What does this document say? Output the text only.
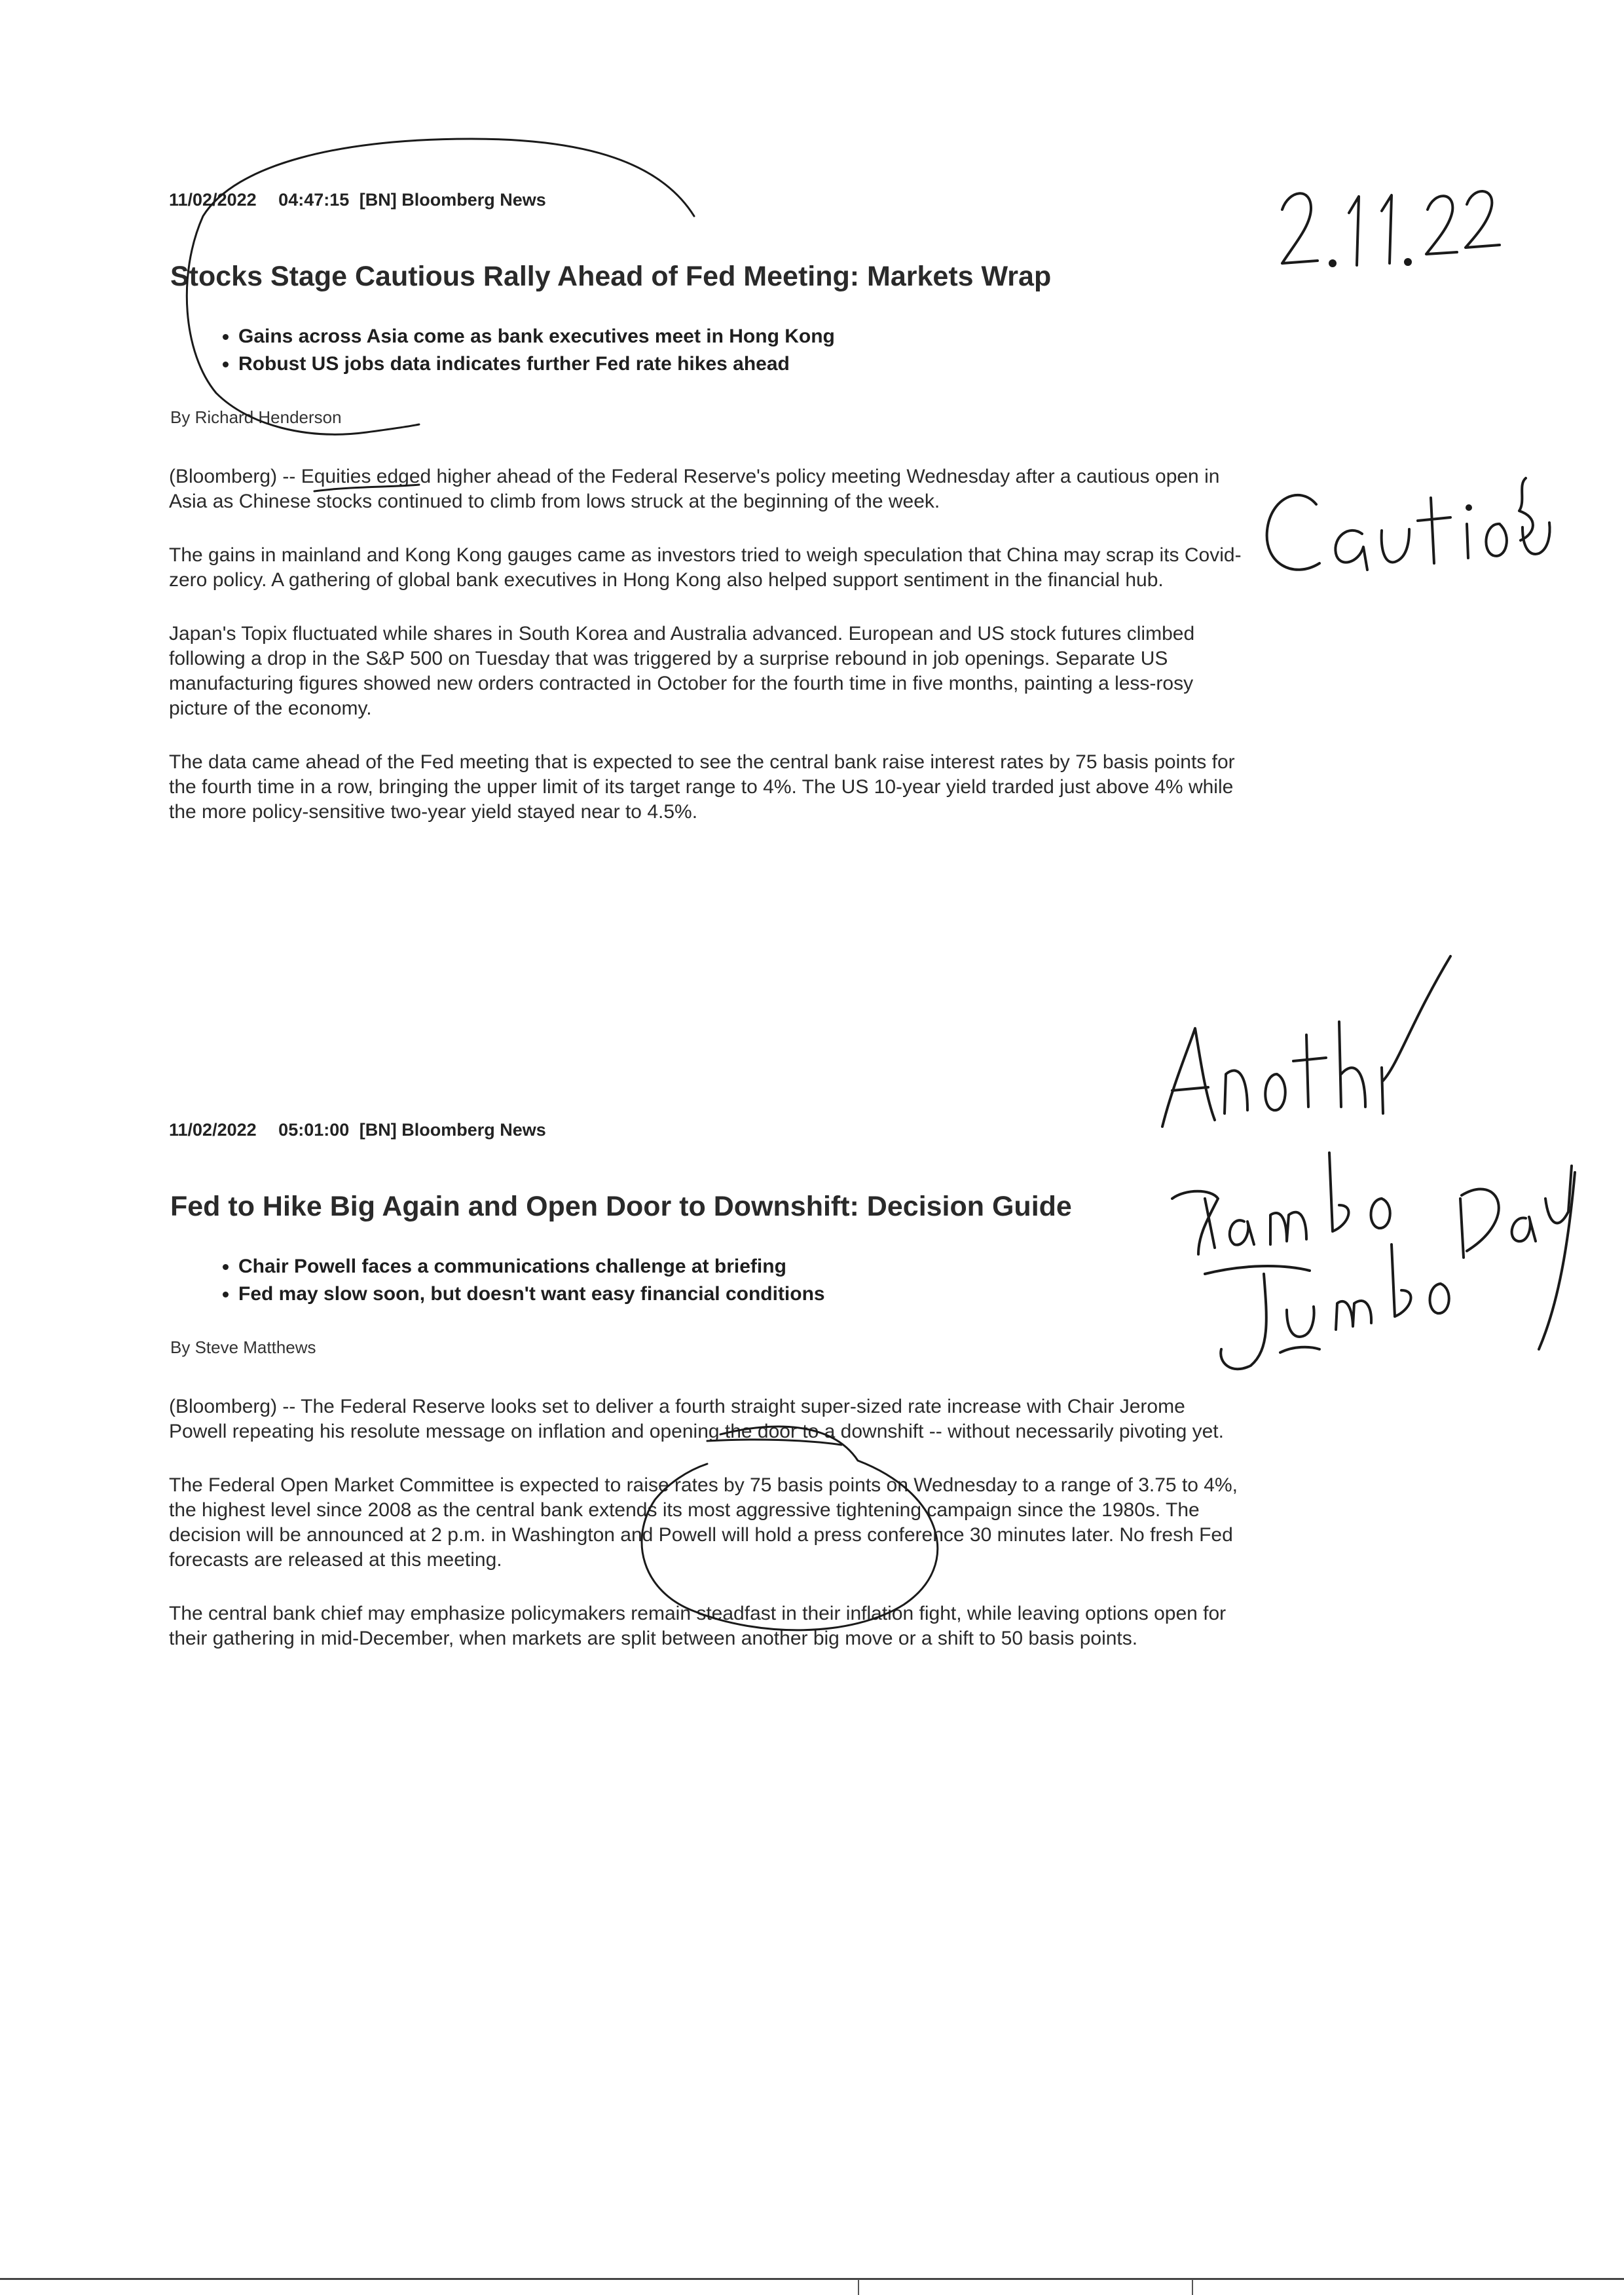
11/02/2022 04:47:15 [BN] Bloomberg News
Stocks Stage Cautious Rally Ahead of Fed Meeting: Markets Wrap
• Gains across Asia come as bank executives meet in Hong Kong
• Robust US jobs data indicates further Fed rate hikes ahead
By Richard Henderson

(Bloomberg) -- Equities edged higher ahead of the Federal Reserve's policy meeting Wednesday after a cautious open in Asia as Chinese stocks continued to climb from lows struck at the beginning of the week.

The gains in mainland and Kong Kong gauges came as investors tried to weigh speculation that China may scrap its Covid-zero policy. A gathering of global bank executives in Hong Kong also helped support sentiment in the financial hub.

Japan's Topix fluctuated while shares in South Korea and Australia advanced. European and US stock futures climbed following a drop in the S&P 500 on Tuesday that was triggered by a surprise rebound in job openings. Separate US manufacturing figures showed new orders contracted in October for the fourth time in five months, painting a less-rosy picture of the economy.

The data came ahead of the Fed meeting that is expected to see the central bank raise interest rates by 75 basis points for the fourth time in a row, bringing the upper limit of its target range to 4%. The US 10-year yield trarded just above 4% while the more policy-sensitive two-year yield stayed near to 4.5%.

11/02/2022 05:01:00 [BN] Bloomberg News
Fed to Hike Big Again and Open Door to Downshift: Decision Guide
• Chair Powell faces a communications challenge at briefing
• Fed may slow soon, but doesn't want easy financial conditions
By Steve Matthews

(Bloomberg) -- The Federal Reserve looks set to deliver a fourth straight super-sized rate increase with Chair Jerome Powell repeating his resolute message on inflation and opening the door to a downshift -- without necessarily pivoting yet.

The Federal Open Market Committee is expected to raise rates by 75 basis points on Wednesday to a range of 3.75 to 4%, the highest level since 2008 as the central bank extends its most aggressive tightening campaign since the 1980s. The decision will be announced at 2 p.m. in Washington and Powell will hold a press conference 30 minutes later. No fresh Fed forecasts are released at this meeting.

The central bank chief may emphasize policymakers remain steadfast in their inflation fight, while leaving options open for their gathering in mid-December, when markets are split between another big move or a shift to 50 basis points.
